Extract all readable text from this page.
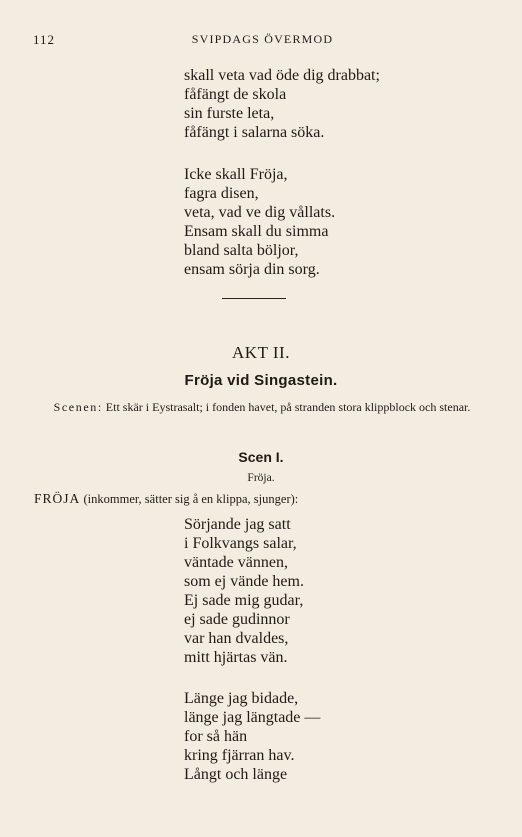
112	SVIPDAGS ÖVERMOD
skall veta vad öde dig drabbat;
fåfängt de skola
sin furste leta,
fåfängt i salarna söka.
Icke skall Fröja,
fagra disen,
veta, vad ve dig vållats.
Ensam skall du simma
bland salta böljor,
ensam sörja din sorg.
AKT II.
Fröja vid Singastein.
Scenen: Ett skär i Eystrasalt; i fonden havet, på stranden stora klippblock och stenar.
Scen I.
Fröja.
FRÖJA (inkommer, sätter sig å en klippa, sjunger):
Sörjande jag satt
i Folkvangs salar,
väntade vännen,
som ej vände hem.
Ej sade mig gudar,
ej sade gudinnor
var han dvaldes,
mitt hjärtas vän.
Länge jag bidade,
länge jag längtade —
for så hän
kring fjärran hav.
Långt och länge
